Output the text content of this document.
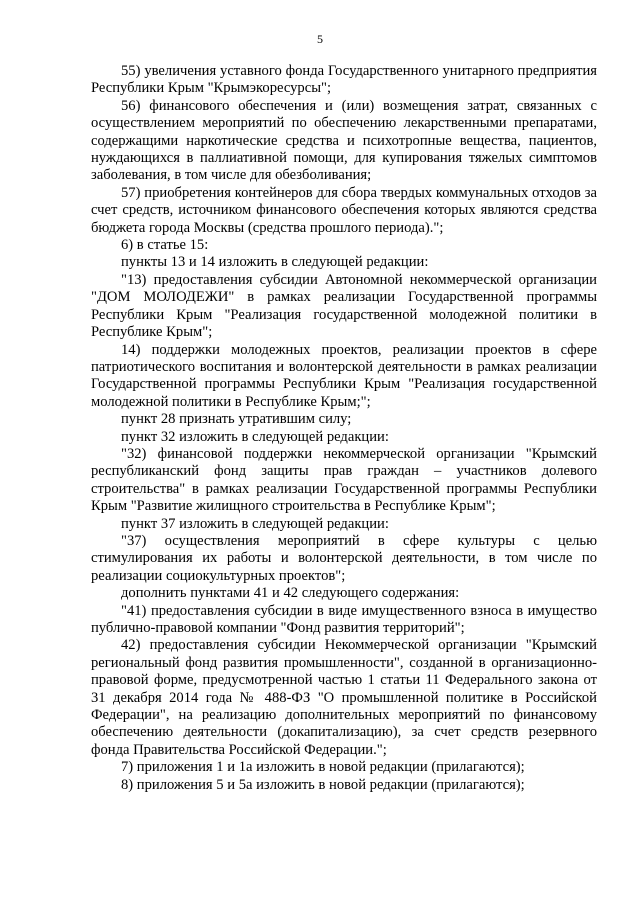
5

55) увеличения уставного фонда Государственного унитарного предприятия Республики Крым "Крымэкоресурсы";

56) финансового обеспечения и (или) возмещения затрат, связанных с осуществлением мероприятий по обеспечению лекарственными препаратами, содержащими наркотические средства и психотропные вещества, пациентов, нуждающихся в паллиативной помощи, для купирования тяжелых симптомов заболевания, в том числе для обезболивания;

57) приобретения контейнеров для сбора твердых коммунальных отходов за счет средств, источником финансового обеспечения которых являются средства бюджета города Москвы (средства прошлого периода).";

6) в статье 15:

пункты 13 и 14 изложить в следующей редакции:

"13) предоставления субсидии Автономной некоммерческой организации "ДОМ МОЛОДЕЖИ" в рамках реализации Государственной программы Республики Крым "Реализация государственной молодежной политики в Республике Крым";

14) поддержки молодежных проектов, реализации проектов в сфере патриотического воспитания и волонтерской деятельности в рамках реализации Государственной программы Республики Крым "Реализация государственной молодежной политики в Республике Крым;";

пункт 28 признать утратившим силу;

пункт 32 изложить в следующей редакции:

"32) финансовой поддержки некоммерческой организации "Крымский республиканский фонд защиты прав граждан – участников долевого строительства" в рамках реализации Государственной программы Республики Крым "Развитие жилищного строительства в Республике Крым";

пункт 37 изложить в следующей редакции:

"37) осуществления мероприятий в сфере культуры с целью стимулирования их работы и волонтерской деятельности, в том числе по реализации социокультурных проектов";

дополнить пунктами 41 и 42 следующего содержания:

"41) предоставления субсидии в виде имущественного взноса в имущество публично-правовой компании "Фонд развития территорий";

42) предоставления субсидии Некоммерческой организации "Крымский региональный фонд развития промышленности", созданной в организационно-правовой форме, предусмотренной частью 1 статьи 11 Федерального закона от 31 декабря 2014 года № 488-ФЗ "О промышленной политике в Российской Федерации", на реализацию дополнительных мероприятий по финансовому обеспечению деятельности (докапитализацию), за счет средств резервного фонда Правительства Российской Федерации.";

7) приложения 1 и 1а изложить в новой редакции (прилагаются);

8) приложения 5 и 5а изложить в новой редакции (прилагаются);
